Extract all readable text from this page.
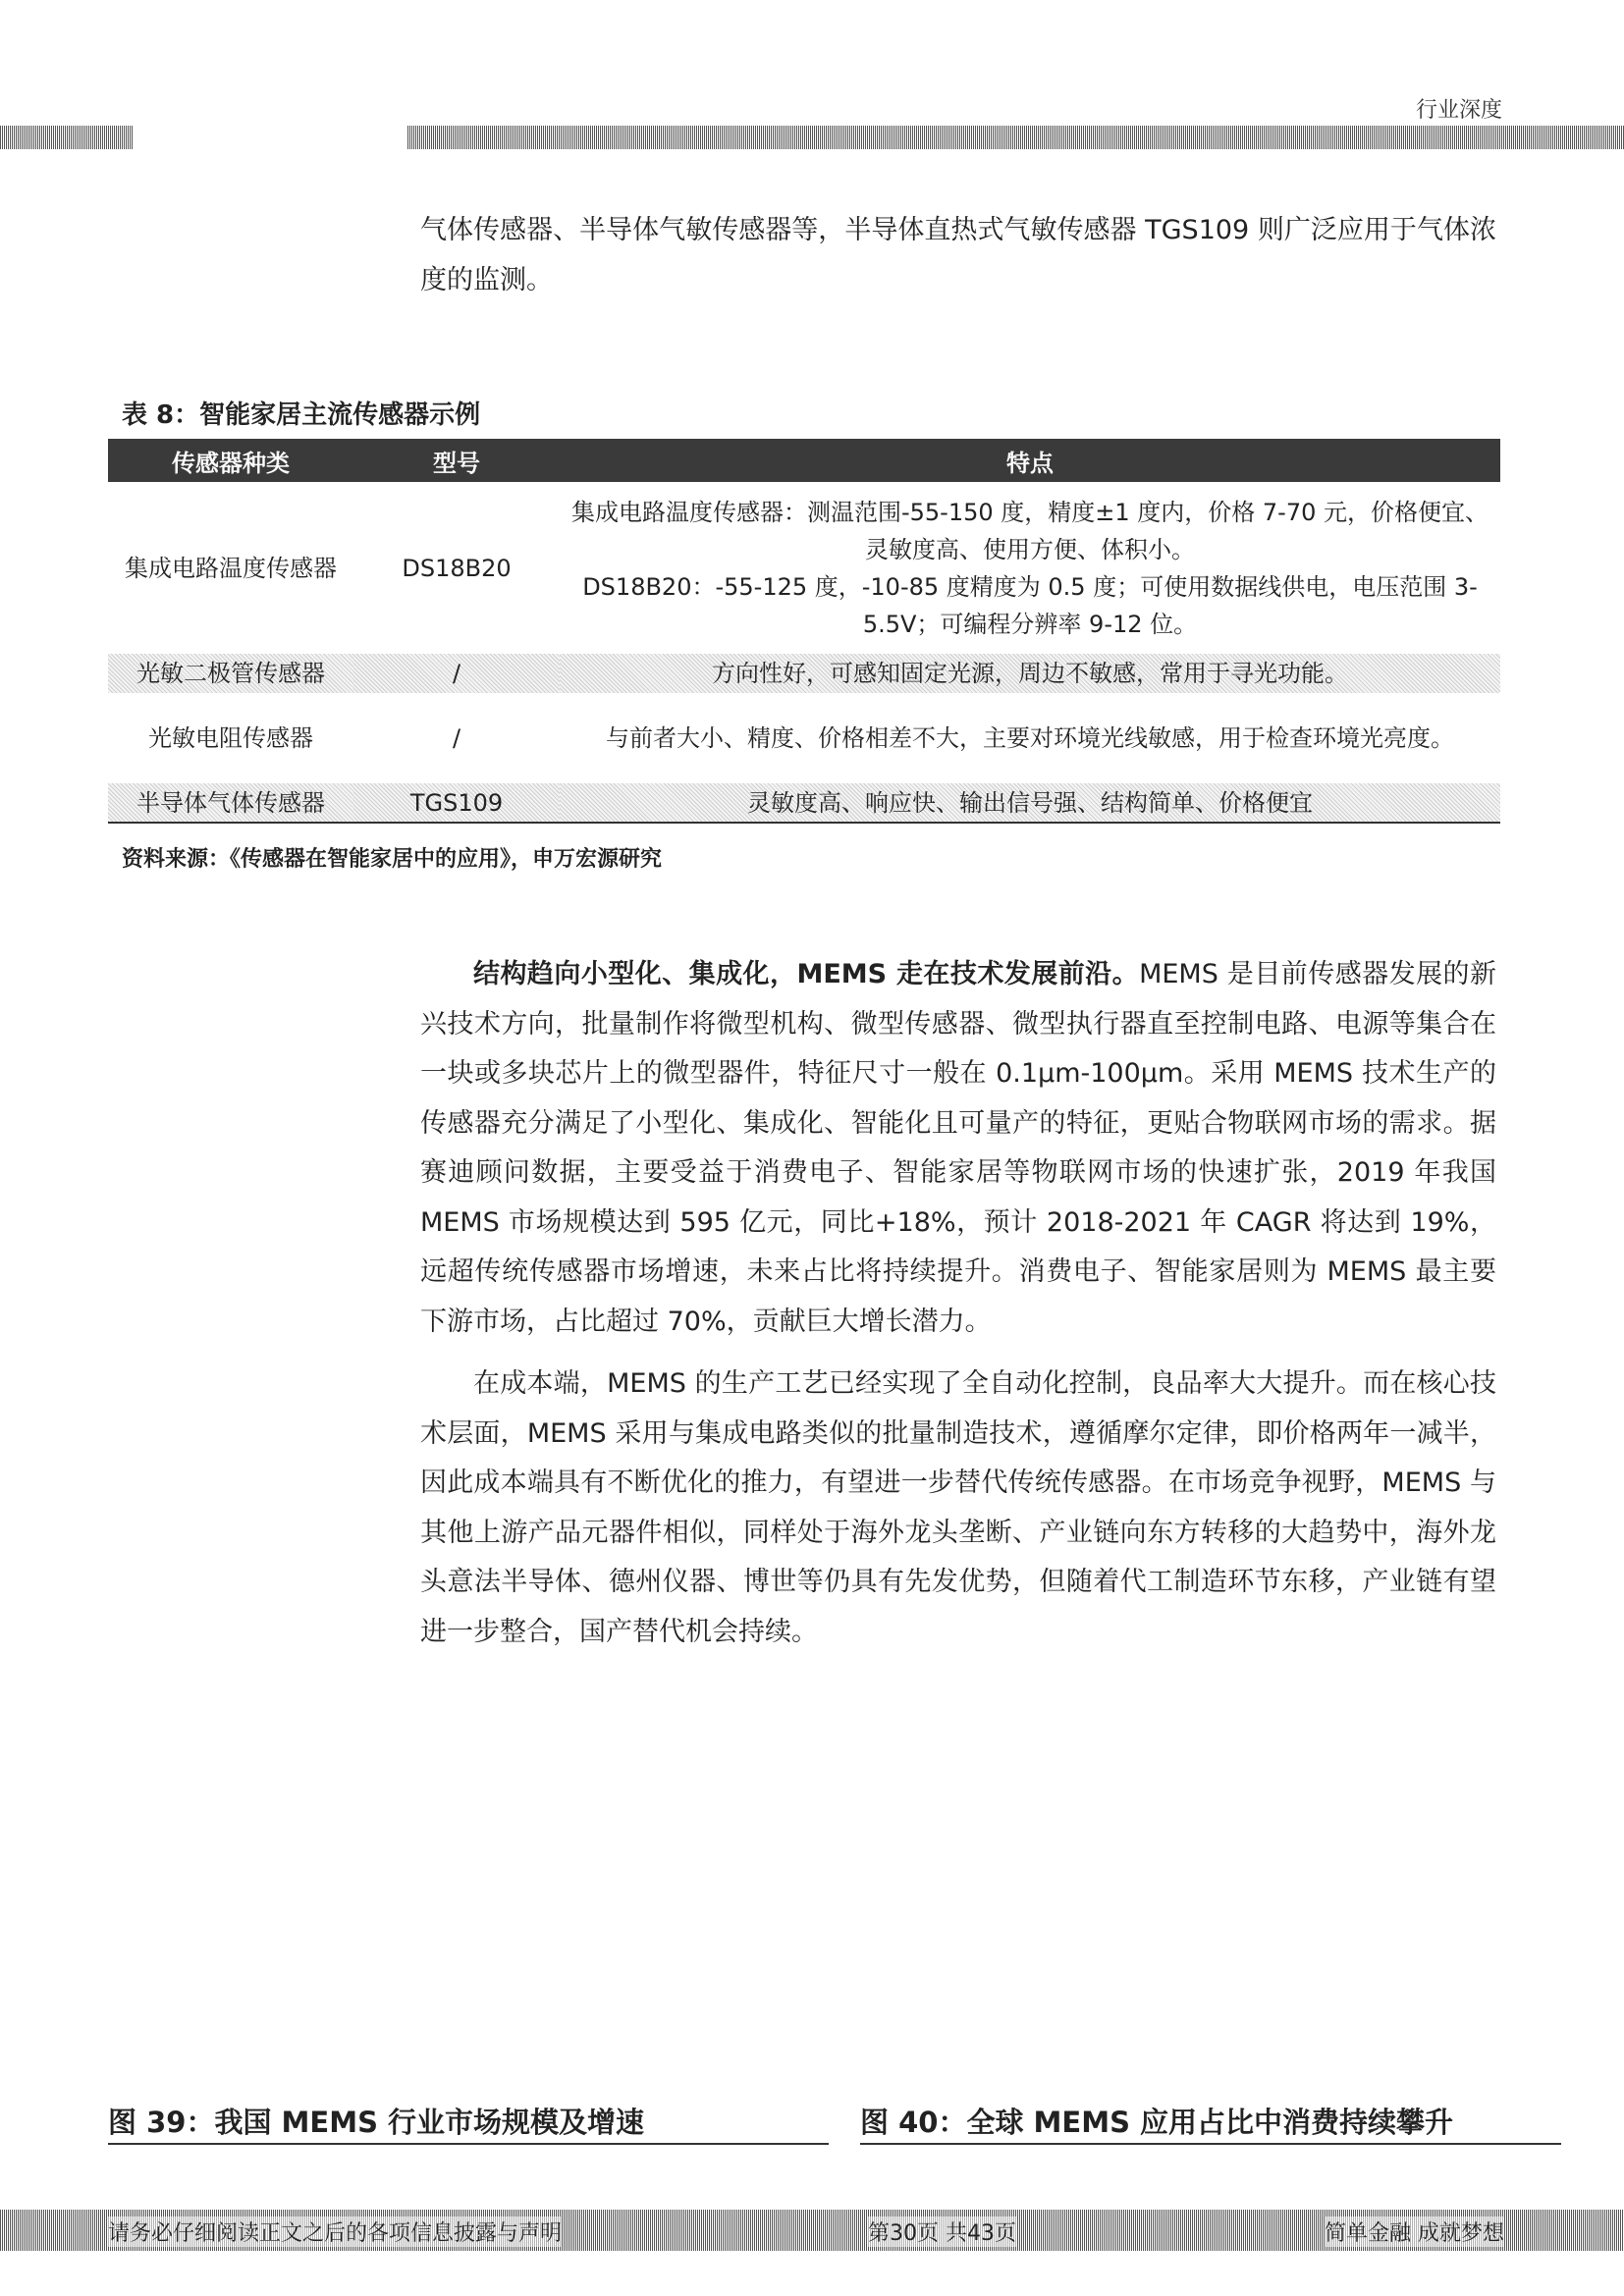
行业深度

气体传感器、半导体气敏传感器等，半导体直热式气敏传感器 TGS109 则广泛应用于气体浓度的监测。

表 8：智能家居主流传感器示例
传感器种类	型号	特点
集成电路温度传感器	DS18B20	集成电路温度传感器：测温范围-55-150 度，精度±1 度内，价格 7-70 元，价格便宜、灵敏度高、使用方便、体积小。
DS18B20：-55-125 度，-10-85 度精度为 0.5 度；可使用数据线供电，电压范围 3-5.5V；可编程分辨率 9-12 位。

光敏二极管传感器	/	方向性好，可感知固定光源，周边不敏感，常用于寻光功能。
光敏电阻传感器	/	与前者大小、精度、价格相差不大，主要对环境光线敏感，用于检查环境光亮度。
半导体气体传感器	TGS109	灵敏度高、响应快、输出信号强、结构简单、价格便宜
资料来源：《传感器在智能家居中的应用》，申万宏源研究
结构趋向小型化、集成化，MEMS 走在技术发展前沿。MEMS 是目前传感器发展的新兴技术方向，批量制作将微型机构、微型传感器、微型执行器直至控制电路、电源等集合在一块或多块芯片上的微型器件，特征尺寸一般在 0.1μm-100μm。采用 MEMS 技术生产的传感器充分满足了小型化、集成化、智能化且可量产的特征，更贴合物联网市场的需求。据赛迪顾问数据，主要受益于消费电子、智能家居等物联网市场的快速扩张，2019 年我国 MEMS 市场规模达到 595 亿元，同比+18%，预计 2018-2021 年 CAGR 将达到 19%，远超传统传感器市场增速，未来占比将持续提升。消费电子、智能家居则为 MEMS 最主要下游市场，占比超过 70%，贡献巨大增长潜力。
在成本端，MEMS 的生产工艺已经实现了全自动化控制，良品率大大提升。而在核心技术层面，MEMS 采用与集成电路类似的批量制造技术，遵循摩尔定律，即价格两年一减半，因此成本端具有不断优化的推力，有望进一步替代传统传感器。在市场竞争视野，MEMS 与其他上游产品元器件相似，同样处于海外龙头垄断、产业链向东方转移的大趋势中，海外龙头意法半导体、德州仪器、博世等仍具有先发优势，但随着代工制造环节东移，产业链有望进一步整合，国产替代机会持续。
图 39：我国 MEMS 行业市场规模及增速	图 40：全球 MEMS 应用占比中消费持续攀升
请务必仔细阅读正文之后的各项信息披露与声明	第30页 共43页	简单金融 成就梦想
